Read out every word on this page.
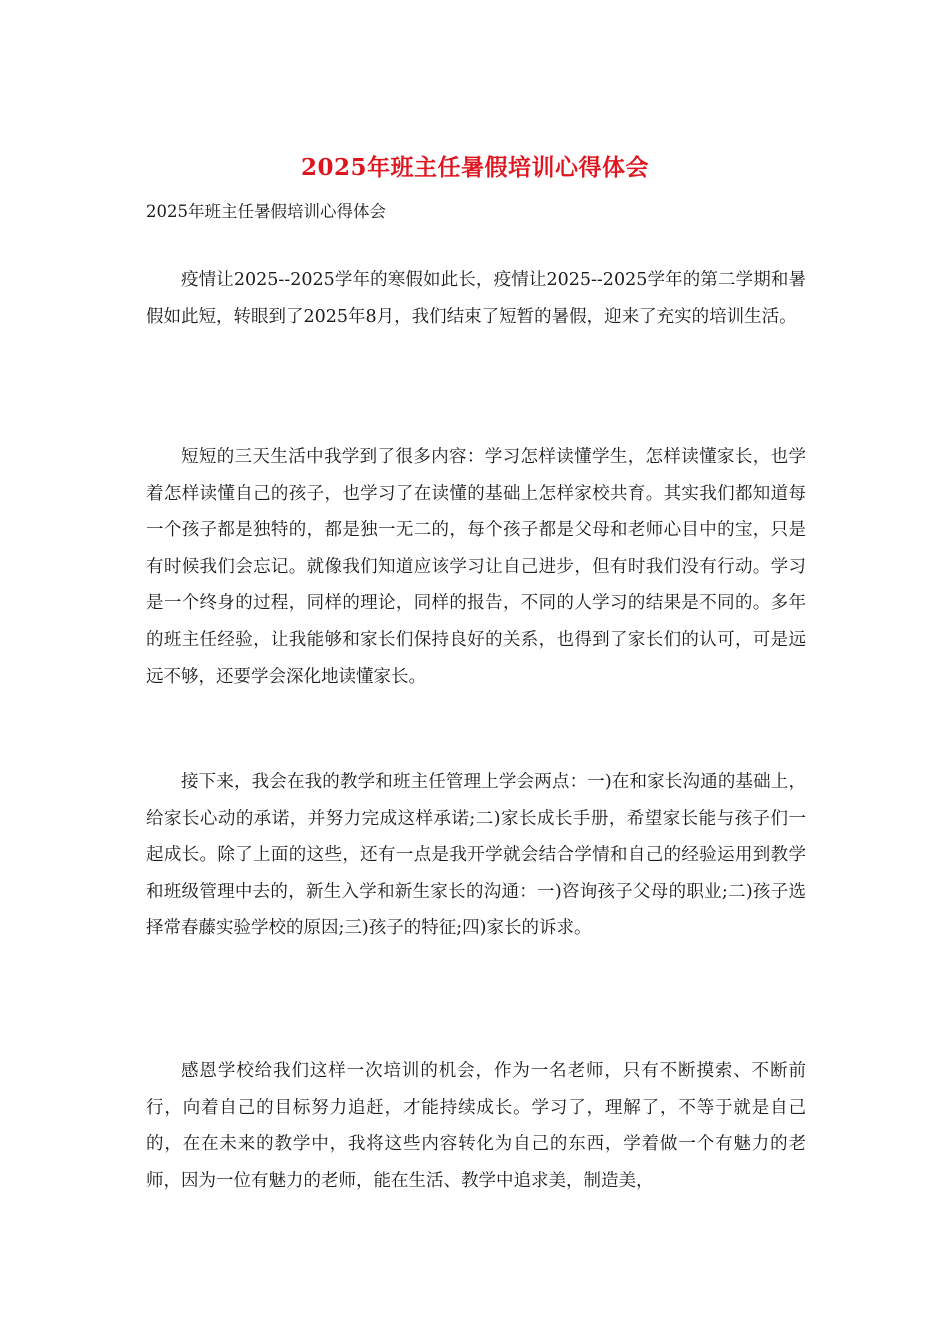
2025年班主任暑假培训心得体会
2025年班主任暑假培训心得体会

疫情让2025--2025学年的寒假如此长，疫情让2025--2025学年的第二学期和暑假如此短，转眼到了2025年8月，我们结束了短暂的暑假，迎来了充实的培训生活。

短短的三天生活中我学到了很多内容：学习怎样读懂学生，怎样读懂家长，也学着怎样读懂自己的孩子，也学习了在读懂的基础上怎样家校共育。其实我们都知道每一个孩子都是独特的，都是独一无二的，每个孩子都是父母和老师心目中的宝，只是有时候我们会忘记。就像我们知道应该学习让自己进步，但有时我们没有行动。学习是一个终身的过程，同样的理论，同样的报告，不同的人学习的结果是不同的。多年的班主任经验，让我能够和家长们保持良好的关系，也得到了家长们的认可，可是远远不够，还要学会深化地读懂家长。

接下来，我会在我的教学和班主任管理上学会两点：一)在和家长沟通的基础上，给家长心动的承诺，并努力完成这样承诺;二)家长成长手册，希望家长能与孩子们一起成长。除了上面的这些，还有一点是我开学就会结合学情和自己的经验运用到教学和班级管理中去的，新生入学和新生家长的沟通：一)咨询孩子父母的职业;二)孩子选择常春藤实验学校的原因;三)孩子的特征;四)家长的诉求。

感恩学校给我们这样一次培训的机会，作为一名老师，只有不断摸索、不断前行，向着自己的目标努力追赶，才能持续成长。学习了，理解了，不等于就是自己的，在在未来的教学中，我将这些内容转化为自己的东西，学着做一个有魅力的老师，因为一位有魅力的老师，能在生活、教学中追求美，制造美，
